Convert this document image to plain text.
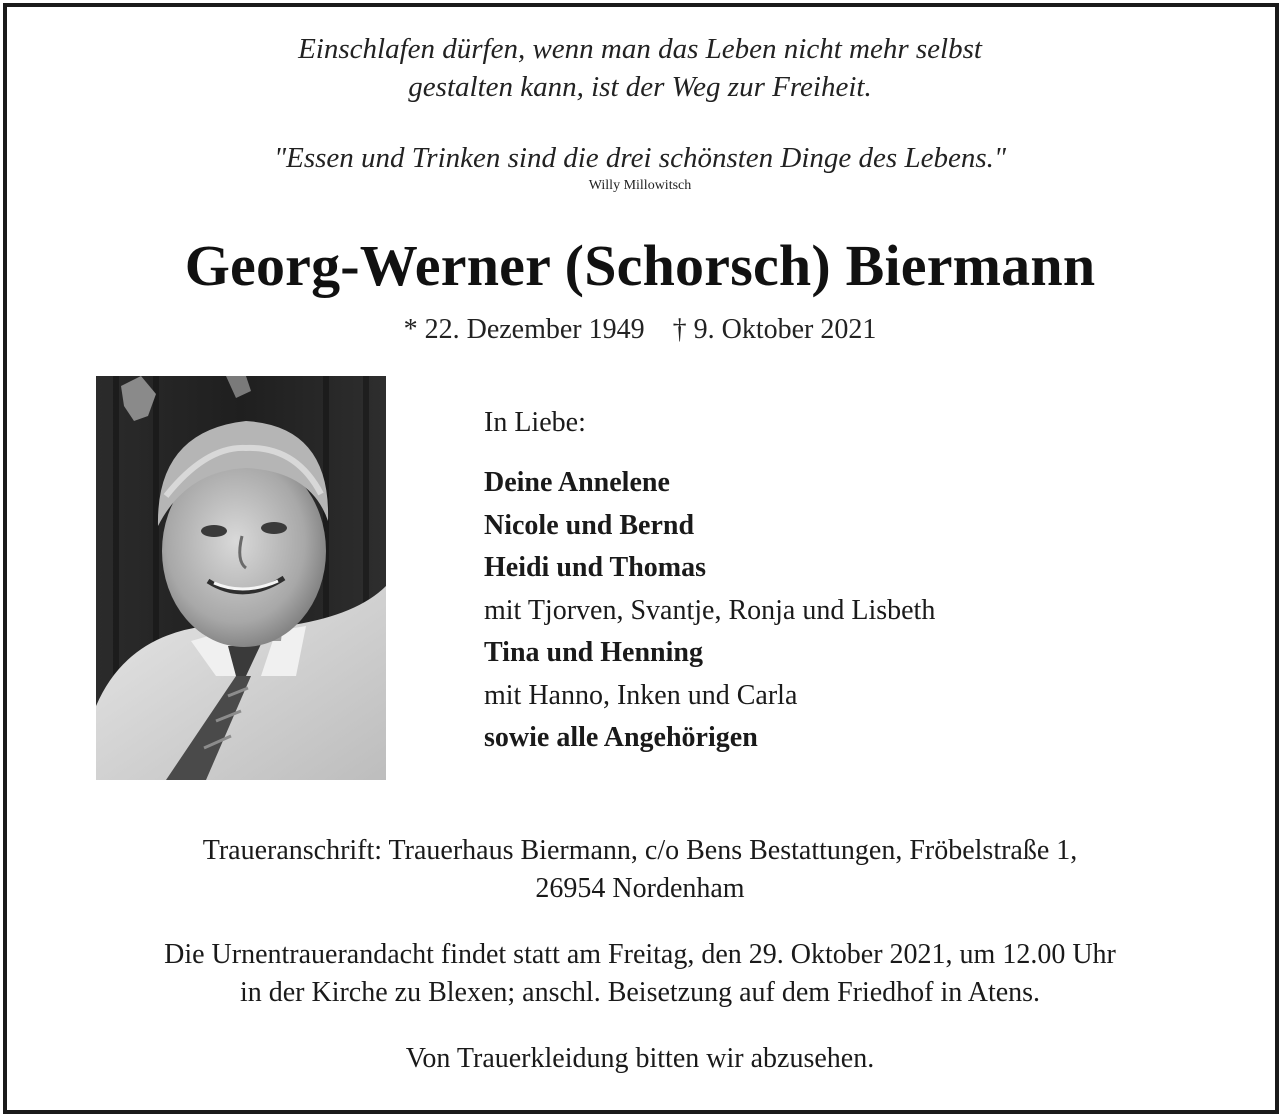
Einschlafen dürfen, wenn man das Leben nicht mehr selbst
gestalten kann, ist der Weg zur Freiheit.
"Essen und Trinken sind die drei schönsten Dinge des Lebens."
Willy Millowitsch
Georg-Werner (Schorsch) Biermann
* 22. Dezember 1949    † 9. Oktober 2021
In Liebe:
Deine Annelene
Nicole und Bernd
Heidi und Thomas
mit Tjorven, Svantje, Ronja und Lisbeth
Tina und Henning
mit Hanno, Inken und Carla
sowie alle Angehörigen
Traueranschrift: Trauerhaus Biermann, c/o Bens Bestattungen, Fröbelstraße 1,
26954 Nordenham
Die Urnentrauerandacht findet statt am Freitag, den 29. Oktober 2021, um 12.00 Uhr
in der Kirche zu Blexen; anschl. Beisetzung auf dem Friedhof in Atens.
Von Trauerkleidung bitten wir abzusehen.
